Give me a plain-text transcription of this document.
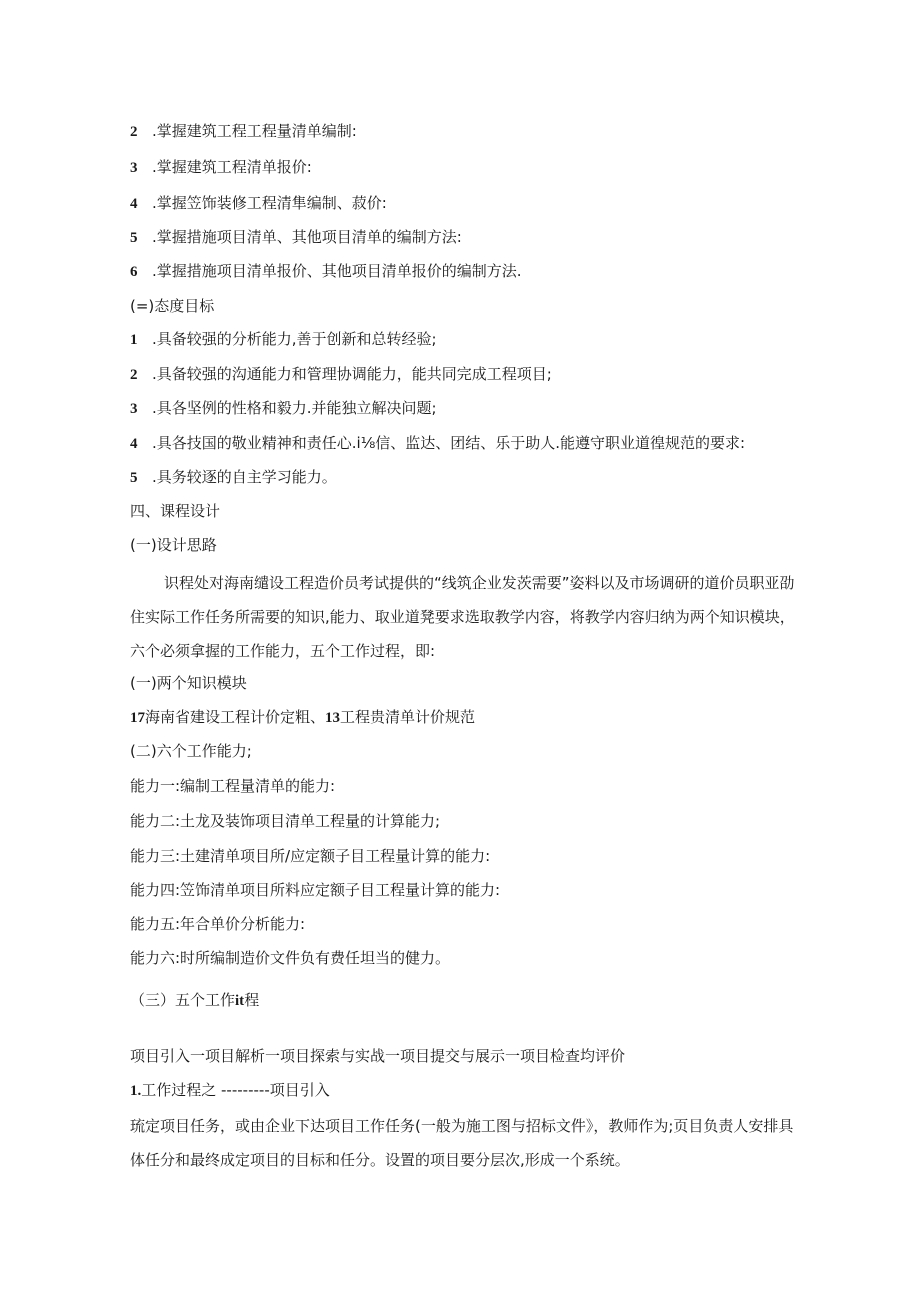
2 .掌握建筑工程工程量清单编制:
3 .掌握建筑工程清单报价:
4 .掌握笠饰装修工程清隼编制、菽价:
5 .掌握措施项目清单、其他项目清单的编制方法:
6 .掌握措施项目清单报价、其他项目清单报价的编制方法.
(=)态度目标
1 .具备较强的分析能力,善于创新和总转经验;
2 .具备较强的沟通能力和管理协调能力，能共同完成工程项目;
3 .具各坚例的性格和毅力.并能独立解决问题;
4 .具各技国的敬业精神和责任心.i⅛信、监达、团结、乐于助人.能遵守职业道徨规范的要求:
5 .具务较逐的自主学习能力。
四、课程设计
(一)设计思路
识程处对海南缱设工程造价员考试提供的“线筑企业发茨需要”姿料以及市场调研的道价员职亚劭住实际工作任务所需要的知识,能力、取业道凳要求选取教学内容，将教学内容归纳为两个知识模块，六个必须拿握的工作能力，五个工作过程，即:
(一)两个知识模块
17海南省建设工程计价定粗、13工程贵清单计价规范
(二)六个工作能力;
能力一:编制工程量清单的能力:
能力二:土龙及装饰项目清单工程量的计算能力;
能力三:土建清单项目所/应定额子目工程量计算的能力:
能力四:笠饰清单项目所料应定额子目工程量计算的能力:
能力五:年合单价分析能力:
能力六:时所编制造价文件负有费任坦当的健力。
（三）五个工作it程
项目引入一项目解析一项目探索与实战一项目提交与展示一项目检查均评价
1.工作过程之 ---------项目引入
琉定项目任务，或由企业下达项目工作任务(一般为施工图与招标文件》，教师作为;页目负责人安排具体任分和最终成定项目的目标和任分。设置的项目要分层次,形成一个系统。
